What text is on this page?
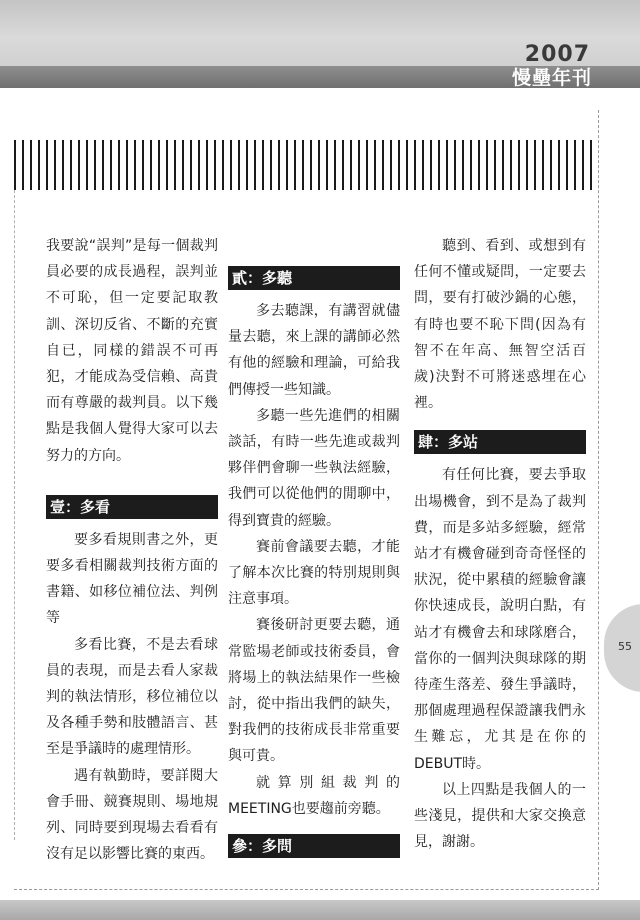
2007
慢壘年刊

我要說“誤判”是每一個裁判員必要的成長過程，誤判並不可恥，但一定要記取教訓、深切反省、不斷的充實自已，同樣的錯誤不可再犯，才能成為受信賴、高貴而有尊嚴的裁判員。以下幾點是我個人覺得大家可以去努力的方向。

壹：多看

要多看規則書之外，更要多看相關裁判技術方面的書籍、如移位補位法、判例等

多看比賽，不是去看球員的表現，而是去看人家裁判的執法情形，移位補位以及各種手勢和肢體語言、甚至是爭議時的處理情形。

遇有執勤時，要詳閱大會手冊、競賽規則、場地規列、同時要到現場去看看有沒有足以影響比賽的東西。

貳：多聽

多去聽課，有講習就儘量去聽，來上課的講師必然有他的經驗和理論，可給我們傳授一些知識。

多聽一些先進們的相關談話，有時一些先進或裁判夥伴們會聊一些執法經驗，我們可以從他們的閒聊中，得到寶貴的經驗。

賽前會議要去聽，才能了解本次比賽的特別規則與注意事項。

賽後研討更要去聽，通常監場老師或技術委員，會將場上的執法結果作一些檢討，從中指出我們的缺失，對我們的技術成長非常重要與可貴。

就算別組裁判的MEETING也要趨前旁聽。

參：多問

聽到、看到、或想到有任何不懂或疑問，一定要去問，要有打破沙鍋的心態，有時也要不恥下問(因為有智不在年高、無智空活百歲)決對不可將迷惑埋在心裡。

肆：多站

有任何比賽，要去爭取出場機會，到不是為了裁判費，而是多站多經驗，經常站才有機會碰到奇奇怪怪的狀況，從中累積的經驗會讓你快速成長，說明白點，有站才有機會去和球隊磨合，當你的一個判決與球隊的期待產生落差、發生爭議時，那個處理過程保證讓我們永生難忘，尤其是在你的DEBUT時。

以上四點是我個人的一些淺見，提供和大家交換意見，謝謝。

55
